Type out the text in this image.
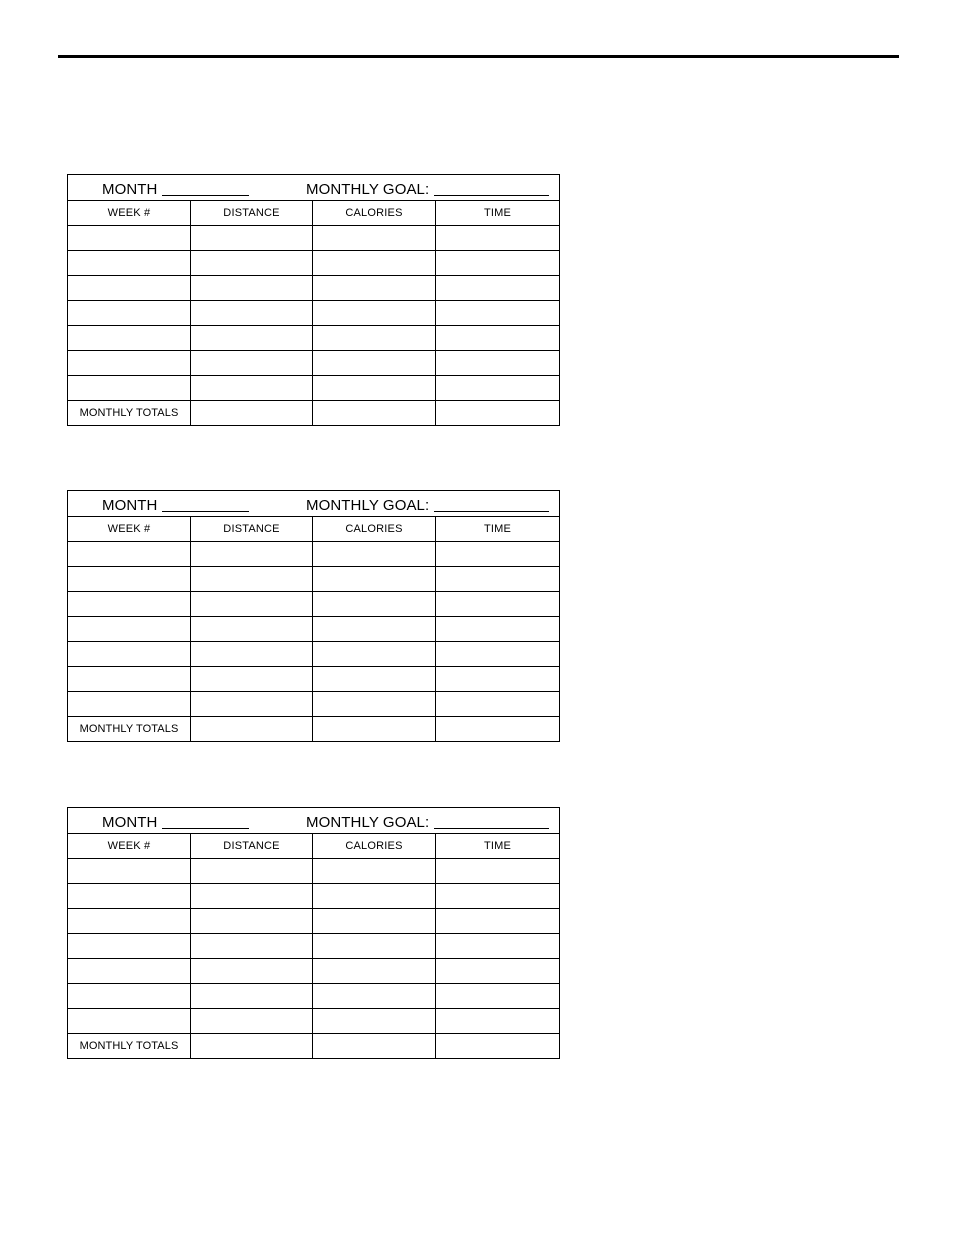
MONTH MONTHLY GOAL:			

WEEK #	DISTANCE	CALORIES	TIME

MONTHLY TOTALS			
MONTH MONTHLY GOAL:			

WEEK #	DISTANCE	CALORIES	TIME

MONTHLY TOTALS			
MONTH MONTHLY GOAL:			

WEEK #	DISTANCE	CALORIES	TIME

MONTHLY TOTALS			
